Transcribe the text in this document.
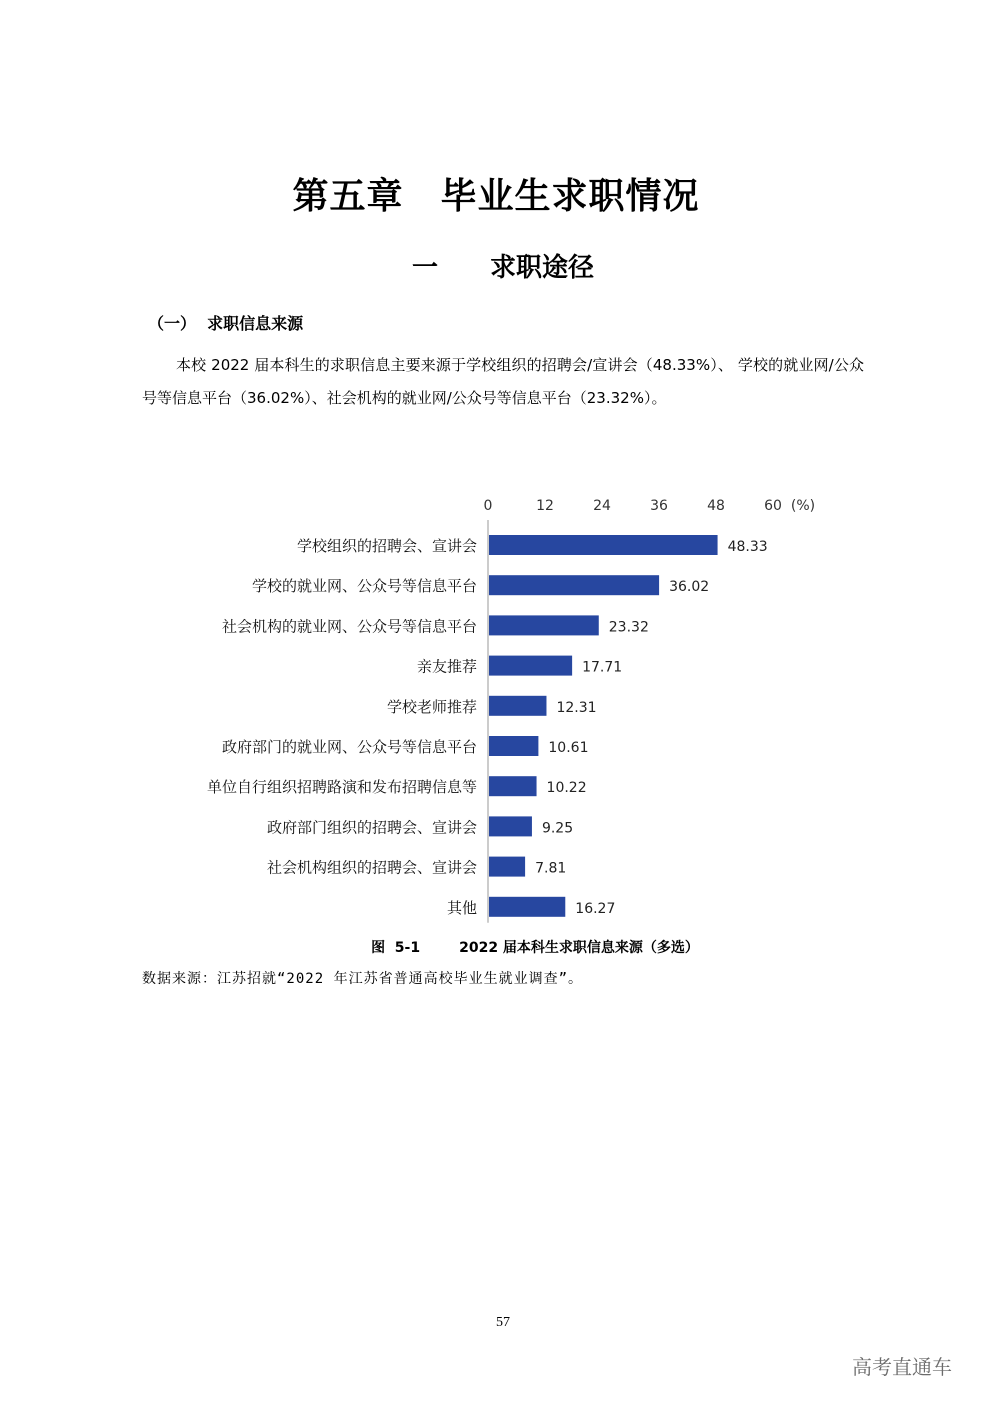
第五章　毕业生求职情况
一　　求职途径
（一）  求职信息来源
本校 2022 届本科生的求职信息主要来源于学校组织的招聘会/宣讲会（48.33%）、 学校的就业网/公众号等信息平台（36.02%）、社会机构的就业网/公众号等信息平台（23.32%）。
0	12	24	36	48	60 (%)
学校组织的招聘会、宣讲会	48.33
学校的就业网、公众号等信息平台	36.02
社会机构的就业网、公众号等信息平台	23.32
亲友推荐	17.71
学校老师推荐	12.31
政府部门的就业网、公众号等信息平台	10.61
单位自行组织招聘路演和发布招聘信息等	10.22
政府部门组织的招聘会、宣讲会	9.25
社会机构组织的招聘会、宣讲会	7.81
其他	16.27
图  5-1        2022 届本科生求职信息来源（多选）
数据来源：江苏招就“2022 年江苏省普通高校毕业生就业调查”。
57
高考直通车
